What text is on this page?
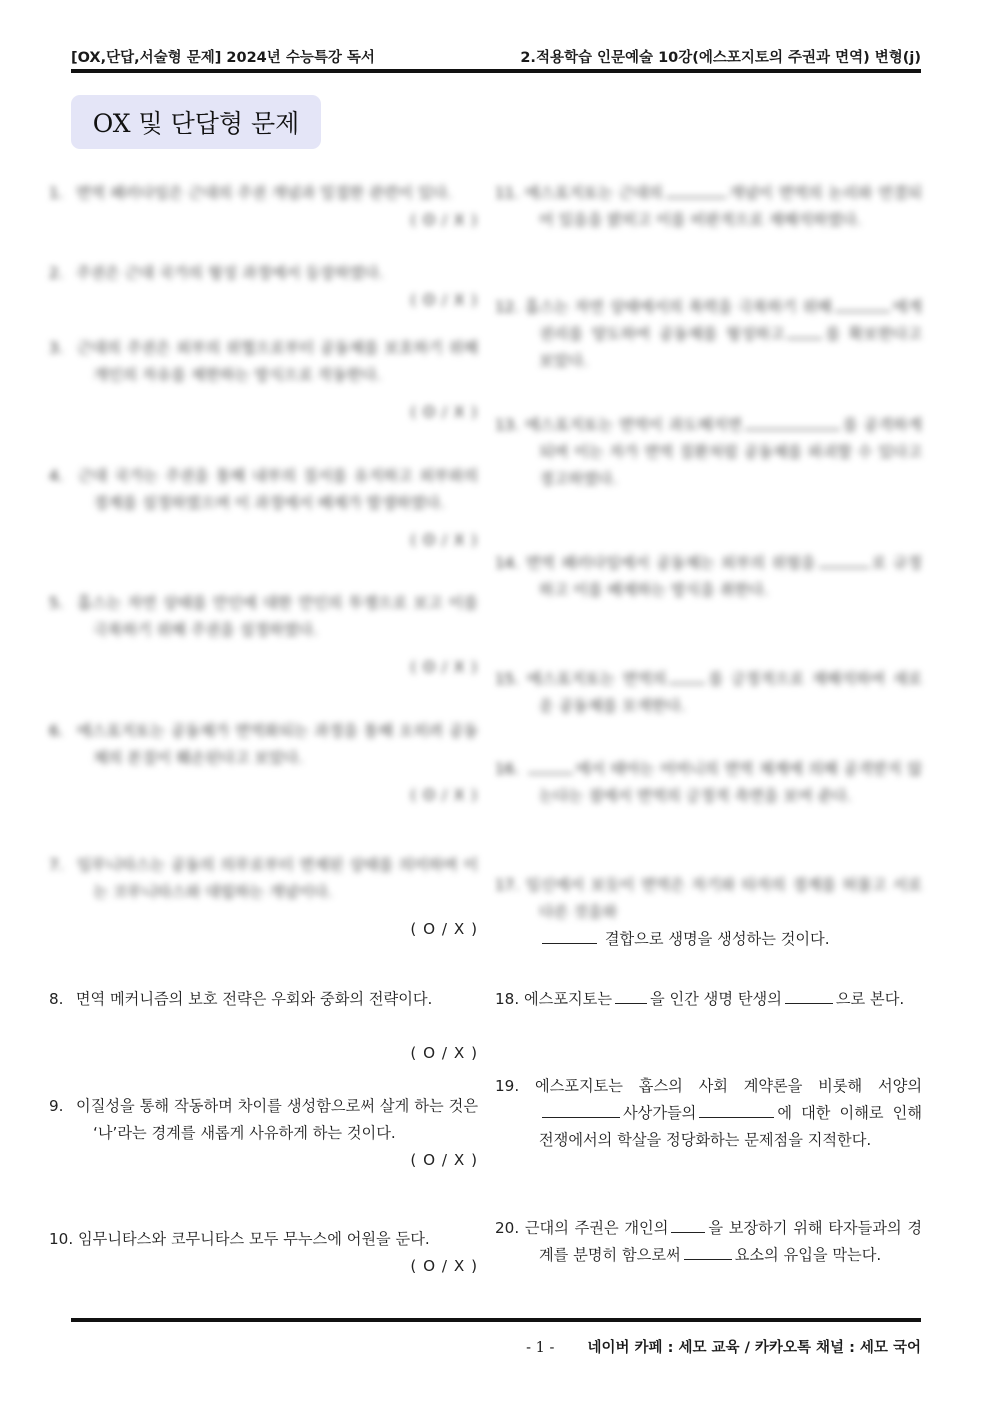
[OX,단답,서술형 문제] 2024년 수능특강 독서	2.적용학습 인문예술 10강(에스포지토의 주권과 면역) 변형(j)
OX 및 단답형 문제
1. 면역 패러다임은 근대의 주권 개념과 밀접한 관련이 있다.
( O / X )
2. 주권은 근대 국가의 형성 과정에서 등장하였다.
( O / X )
3. 근대의 주권은 외부의 위협으로부터 공동체를 보호하기 위해 개인의 자유를 제한하는 방식으로 작동한다.
( O / X )
4. 근대 국가는 주권을 통해 내부의 질서를 유지하고 외부와의 경계를 설정하였으며 이 과정에서 배제가 발생하였다.
( O / X )
5. 홉스는 자연 상태를 만인에 대한 만인의 투쟁으로 보고 이를 극복하기 위해 주권을 설정하였다.
( O / X )
6. 에스포지토는 공동체가 면역화되는 과정을 통해 오히려 공동체의 본질이 훼손된다고 보았다.
( O / X )
7. 임무니타스는 공동의 의무로부터 면제된 상태를 의미하며 이는 코무니타스와 대립하는 개념이다.
( O / X )
8. 면역 메커니즘의 보호 전략은 우회와 중화의 전략이다.
( O / X )
9. 이질성을 통해 작동하며 차이를 생성함으로써 살게 하는 것은 ‘나’라는 경계를 새롭게 사유하게 하는 것이다.
( O / X )
10. 임무니타스와 코무니타스 모두 무누스에 어원을 둔다.
( O / X )
11. 에스포지토는 근대의	개념이 면역의 논리와 연결되어 있음을 밝히고 이를 비판적으로 재해석하였다.
12. 홉스는 자연 상태에서의 폭력을 극복하기 위해	에게 권리를 양도하여 공동체를 형성하고	를 확보한다고 보았다.
13. 에스포지토는 면역이 과도해지면	를 공격하게 되며 이는 자가 면역 질환처럼 공동체를 파괴할 수 있다고 경고하였다.
14. 면역 패러다임에서 공동체는 외부의 위험을	로 규정하고 이를 배제하는 방식을 취한다.
15. 에스포지토는 면역의	를 긍정적으로 재해석하여 새로운 공동체를 모색한다.
16.	에서 태아는 어머니의 면역 체계에 의해 공격받지 않는다는 점에서 면역의 긍정적 측면을 보여 준다.
17. 임신에서 보듯이 면역은 자기와 타자의 경계를 허물고 서로 다른 것을와
결합으로 생명을 생성하는 것이다.
18. 에스포지토는	을 인간 생명 탄생의	으로 본다.
19. 에스포지토는 홉스의 사회 계약론을 비롯해 서양의사상가들의	에 대한 이해로 인해 전쟁에서의 학살을 정당화하는 문제점을 지적한다.
20. 근대의 주권은 개인의	을 보장하기 위해 타자들과의 경계를 분명히 함으로써	요소의 유입을 막는다.
- 1 - 네이버 카페 : 세모 교육 / 카카오톡 채널 : 세모 국어
